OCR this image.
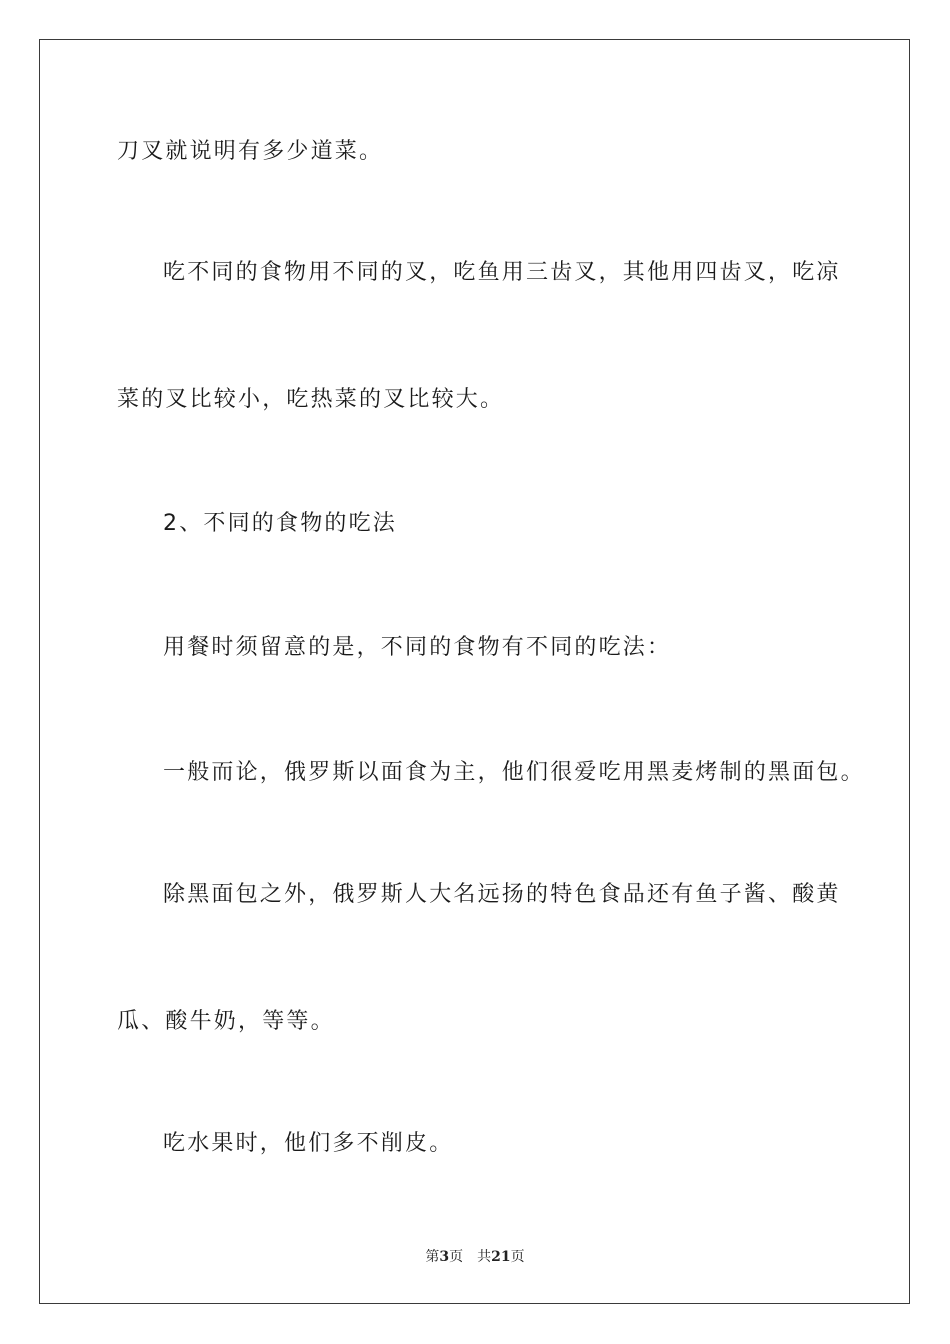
刀叉就说明有多少道菜。
吃不同的食物用不同的叉，吃鱼用三齿叉，其他用四齿叉，吃凉
菜的叉比较小，吃热菜的叉比较大。
2、不同的食物的吃法
用餐时须留意的是，不同的食物有不同的吃法：
一般而论，俄罗斯以面食为主，他们很爱吃用黑麦烤制的黑面包。
除黑面包之外，俄罗斯人大名远扬的特色食品还有鱼子酱、酸黄
瓜、酸牛奶，等等。
吃水果时，他们多不削皮。
第3页 共21页
